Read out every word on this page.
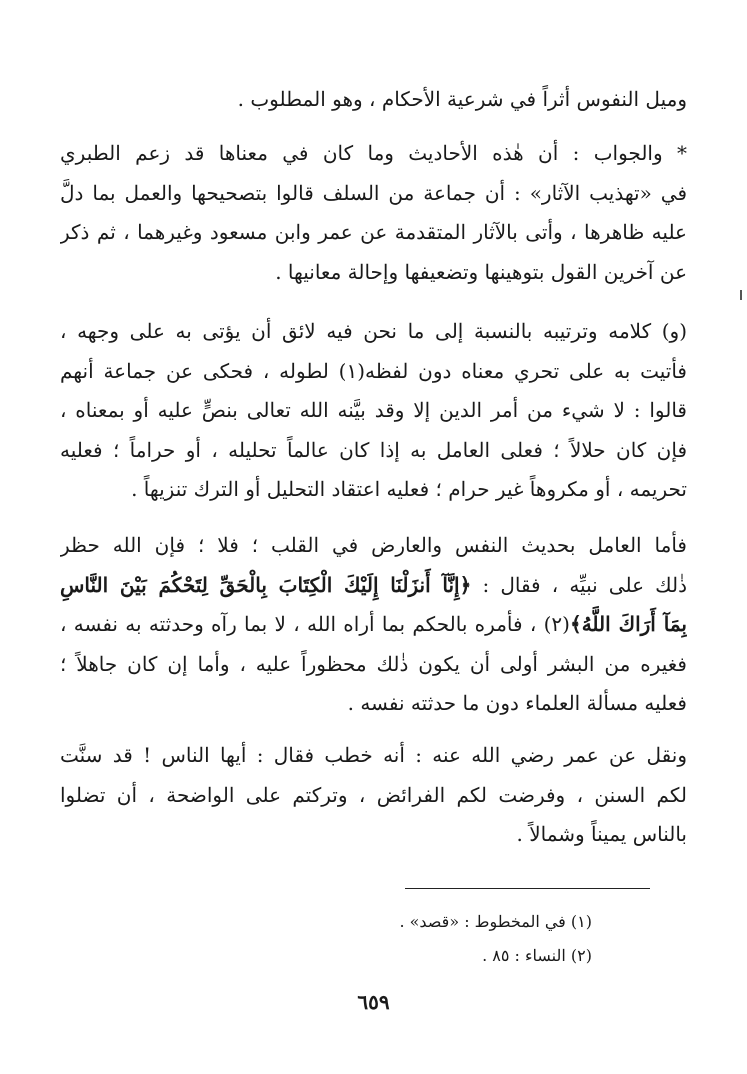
وميل النفوس أثراً في شرعية الأحكام ، وهو المطلوب .
* والجواب : أن هٰذه الأحاديث وما كان في معناها قد زعم الطبري
في «تهذيب الآثار» : أن جماعة من السلف قالوا بتصحيحها والعمل بما دلَّ
عليه ظاهرها ، وأتى بالآثار المتقدمة عن عمر وابن مسعود وغيرهما ، ثم ذكر
عن آخرين القول بتوهينها وتضعيفها وإحالة معانيها .
(و) كلامه وترتيبه بالنسبة إلى ما نحن فيه لائق أن يؤتى به على وجهه ،
فأتيت به على تحري معناه دون لفظه(١) لطوله ، فحكى عن جماعة أنهم
قالوا : لا شيء من أمر الدين إلا وقد بيَّنه الله تعالى بنصٍّ عليه أو بمعناه ،
فإن كان حلالاً ؛ فعلى العامل به إذا كان عالماً تحليله ، أو حراماً ؛ فعليه
تحريمه ، أو مكروهاً غير حرام ؛ فعليه اعتقاد التحليل أو الترك تنزيهاً .
فأما العامل بحديث النفس والعارض في القلب ؛ فلا ؛ فإن الله حظر
ذٰلك على نبيِّه ، فقال : ﴿إِنَّآ أَنزَلْنَا إِلَيْكَ الْكِتَابَ بِالْحَقِّ لِتَحْكُمَ بَيْنَ النَّاسِ
بِمَآ أَرَاكَ اللَّهُ﴾(٢) ، فأمره بالحكم بما أراه الله ، لا بما رآه وحدثته به نفسه ،
فغيره من البشر أولى أن يكون ذٰلك محظوراً عليه ، وأما إن كان جاهلاً ؛
فعليه مسألة العلماء دون ما حدثته نفسه .
ونقل عن عمر رضي الله عنه : أنه خطب فقال : أيها الناس ! قد سنَّت
لكم السنن ، وفرضت لكم الفرائض ، وتركتم على الواضحة ، أن تضلوا
بالناس يميناً وشمالاً .
(١) في المخطوط : «قصد» .
(٢) النساء : ٨٥ .
٦٥٩
